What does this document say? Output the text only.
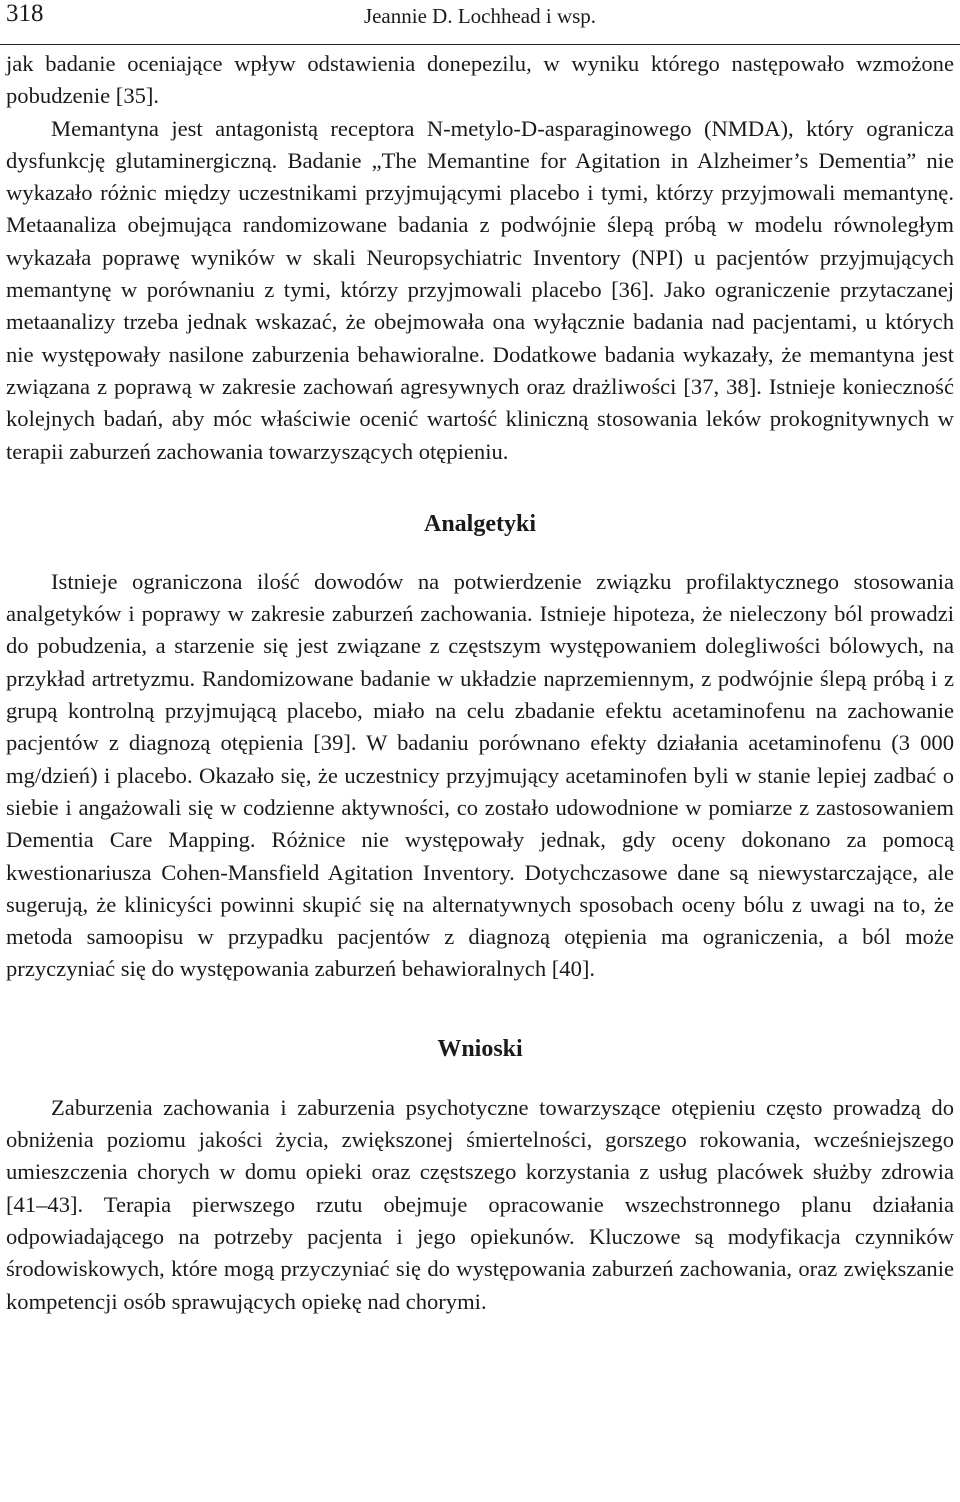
318	Jeannie D. Lochhead i wsp.

jak badanie oceniające wpływ odstawienia donepezilu, w wyniku którego następowało wzmożone pobudzenie [35].

Memantyna jest antagonistą receptora N-metylo-D-asparaginowego (NMDA), który ogranicza dysfunkcję glutaminergiczną. Badanie „The Memantine for Agitation in Alzheimer’s Dementia” nie wykazało różnic między uczestnikami przyjmującymi placebo i tymi, którzy przyjmowali memantynę. Metaanaliza obejmująca randomizowane badania z podwójnie ślepą próbą w modelu równoległym wykazała poprawę wyników w skali Neuropsychiatric Inventory (NPI) u pacjentów przyjmujących memantynę w porównaniu z tymi, którzy przyjmowali placebo [36]. Jako ograniczenie przytaczanej metaanalizy trzeba jednak wskazać, że obejmowała ona wyłącznie badania nad pacjentami, u których nie występowały nasilone zaburzenia behawioralne. Dodatkowe badania wykazały, że memantyna jest związana z poprawą w zakresie zachowań agresywnych oraz drażliwości [37, 38]. Istnieje konieczność kolejnych badań, aby móc właściwie ocenić wartość kliniczną stosowania leków prokognitywnych w terapii zaburzeń zachowania towarzyszących otępieniu.

Analgetyki

Istnieje ograniczona ilość dowodów na potwierdzenie związku profilaktycznego stosowania analgetyków i poprawy w zakresie zaburzeń zachowania. Istnieje hipoteza, że nieleczony ból prowadzi do pobudzenia, a starzenie się jest związane z częstszym występowaniem dolegliwości bólowych, na przykład artretyzmu. Randomizowane badanie w układzie naprzemiennym, z podwójnie ślepą próbą i z grupą kontrolną przyjmującą placebo, miało na celu zbadanie efektu acetaminofenu na zachowanie pacjentów z diagnozą otępienia [39]. W badaniu porównano efekty działania acetaminofenu (3 000 mg/dzień) i placebo. Okazało się, że uczestnicy przyjmujący acetaminofen byli w stanie lepiej zadbać o siebie i angażowali się w codzienne aktywności, co zostało udowodnione w pomiarze z zastosowaniem Dementia Care Mapping. Różnice nie występowały jednak, gdy oceny dokonano za pomocą kwestionariusza Cohen-Mansfield Agitation Inventory. Dotychczasowe dane są niewystarczające, ale sugerują, że klinicyści powinni skupić się na alternatywnych sposobach oceny bólu z uwagi na to, że metoda samoopisu w przypadku pacjentów z diagnozą otępienia ma ograniczenia, a ból może przyczyniać się do występowania zaburzeń behawioralnych [40].

Wnioski

Zaburzenia zachowania i zaburzenia psychotyczne towarzyszące otępieniu często prowadzą do obniżenia poziomu jakości życia, zwiększonej śmiertelności, gorszego rokowania, wcześniejszego umieszczenia chorych w domu opieki oraz częstszego korzystania z usług placówek służby zdrowia [41–43]. Terapia pierwszego rzutu obejmuje opracowanie wszechstronnego planu działania odpowiadającego na potrzeby pacjenta i jego opiekunów. Kluczowe są modyfikacja czynników środowiskowych, które mogą przyczyniać się do występowania zaburzeń zachowania, oraz zwiększanie kompetencji osób sprawujących opiekę nad chorymi.
